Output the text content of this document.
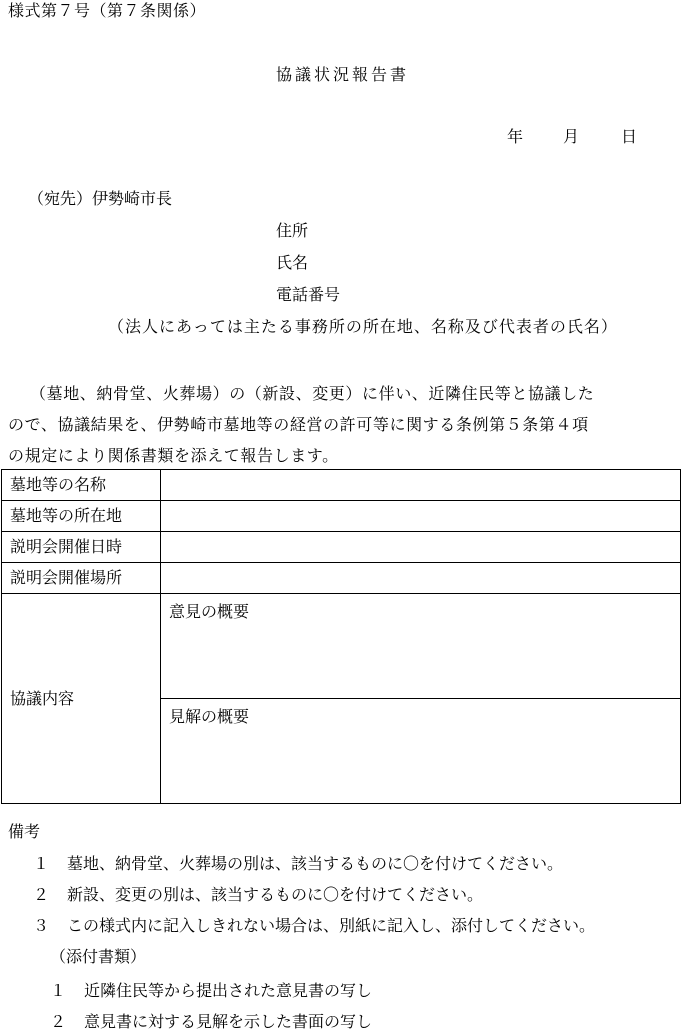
様式第７号（第７条関係）
協議状況報告書
年 月	日
（宛先）伊勢崎市長
住所
氏名
電話番号
（法人にあっては主たる事務所の所在地、名称及び代表者の氏名）
（墓地、納骨堂、火葬場）の（新設、変更）に伴い、近隣住民等と協議した
ので、協議結果を、伊勢崎市墓地等の経営の許可等に関する条例第５条第４項
の規定により関係書類を添えて報告します。
墓地等の名称	
墓地等の所在地	
説明会開催日時	
説明会開催場所	
協議内容	意見の概要

	見解の概要
備考
１ 墓地、納骨堂、火葬場の別は、該当するものに〇を付けてください。
２ 新設、変更の別は、該当するものに〇を付けてください。
３ この様式内に記入しきれない場合は、別紙に記入し、添付してください。
（添付書類）
１ 近隣住民等から提出された意見書の写し
２ 意見書に対する見解を示した書面の写し
